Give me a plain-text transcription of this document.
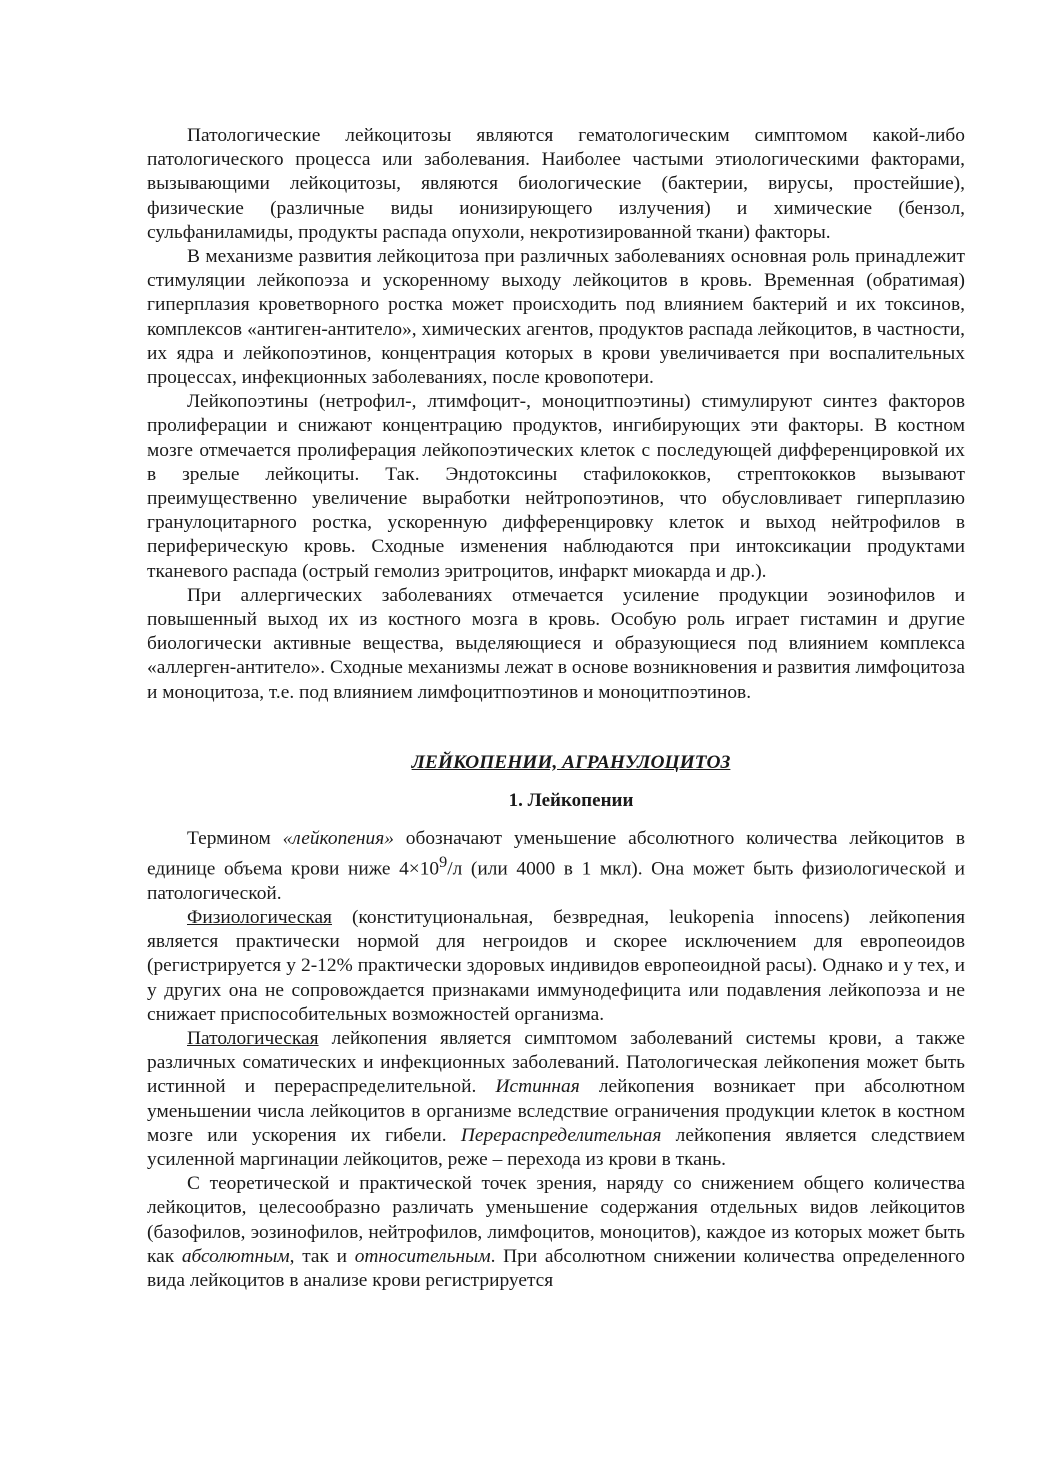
Патологические лейкоцитозы являются гематологическим симптомом какой-либо патологического процесса или заболевания. Наиболее частыми этиологическими факторами, вызывающими лейкоцитозы, являются биологические (бактерии, вирусы, простейшие), физические (различные виды ионизирующего излучения) и химические (бензол, сульфаниламиды, продукты распада опухоли, некротизированной ткани) факторы.

В механизме развития лейкоцитоза при различных заболеваниях основная роль принадлежит стимуляции лейкопоэза и ускоренному выходу лейкоцитов в кровь. Временная (обратимая) гиперплазия кроветворного ростка может происходить под влиянием бактерий и их токсинов, комплексов «антиген-антитело», химических агентов, продуктов распада лейкоцитов, в частности, их ядра и лейкопоэтинов, концентрация которых в крови увеличивается при воспалительных процессах, инфекционных заболеваниях, после кровопотери.

Лейкопоэтины (нетрофил-, лтимфоцит-, моноцитпоэтины) стимулируют синтез факторов пролиферации и снижают концентрацию продуктов, ингибирующих эти факторы. В костном мозге отмечается пролиферация лейкопоэтических клеток с последующей дифференцировкой их в зрелые лейкоциты. Так. Эндотоксины стафилококков, стрептококков вызывают преимущественно увеличение выработки нейтропоэтинов, что обусловливает гиперплазию гранулоцитарного ростка, ускоренную дифференцировку клеток и выход нейтрофилов в периферическую кровь. Сходные изменения наблюдаются при интоксикации продуктами тканевого распада (острый гемолиз эритроцитов, инфаркт миокарда и др.).

При аллергических заболеваниях отмечается усиление продукции эозинофилов и повышенный выход их из костного мозга в кровь. Особую роль играет гистамин и другие биологически активные вещества, выделяющиеся и образующиеся под влиянием комплекса «аллерген-антитело». Сходные механизмы лежат в основе возникновения и развития лимфоцитоза и моноцитоза, т.е. под влиянием лимфоцитпоэтинов и моноцитпоэтинов.

ЛЕЙКОПЕНИИ, АГРАНУЛОЦИТОЗ
1. Лейкопении

Термином «лейкопения» обозначают уменьшение абсолютного количества лейкоцитов в единице объема крови ниже $4\times 10^9/л$ (или 4000 в 1 мкл). Она может быть физиологической и патологической.

Физиологическая (конституциональная, безвредная, leukopenia innocens) лейкопения является практически нормой для негроидов и скорее исключением для европеоидов (регистрируется у 2-12% практически здоровых индивидов европеоидной расы). Однако и у тех, и у других она не сопровождается признаками иммунодефицита или подавления лейкопоэза и не снижает приспособительных возможностей организма.

Патологическая лейкопения является симптомом заболеваний системы крови, а также различных соматических и инфекционных заболеваний. Патологическая лейкопения может быть истинной и перераспределительной. Истинная лейкопения возникает при абсолютном уменьшении числа лейкоцитов в организме вследствие ограничения продукции клеток в костном мозге или ускорения их гибели. Перераспределительная лейкопения является следствием усиленной маргинации лейкоцитов, реже – перехода из крови в ткань.

С теоретической и практической точек зрения, наряду со снижением общего количества лейкоцитов, целесообразно различать уменьшение содержания отдельных видов лейкоцитов (базофилов, эозинофилов, нейтрофилов, лимфоцитов, моноцитов), каждое из которых может быть как абсолютным, так и относительным. При абсолютном снижении количества определенного вида лейкоцитов в анализе крови регистрируется
